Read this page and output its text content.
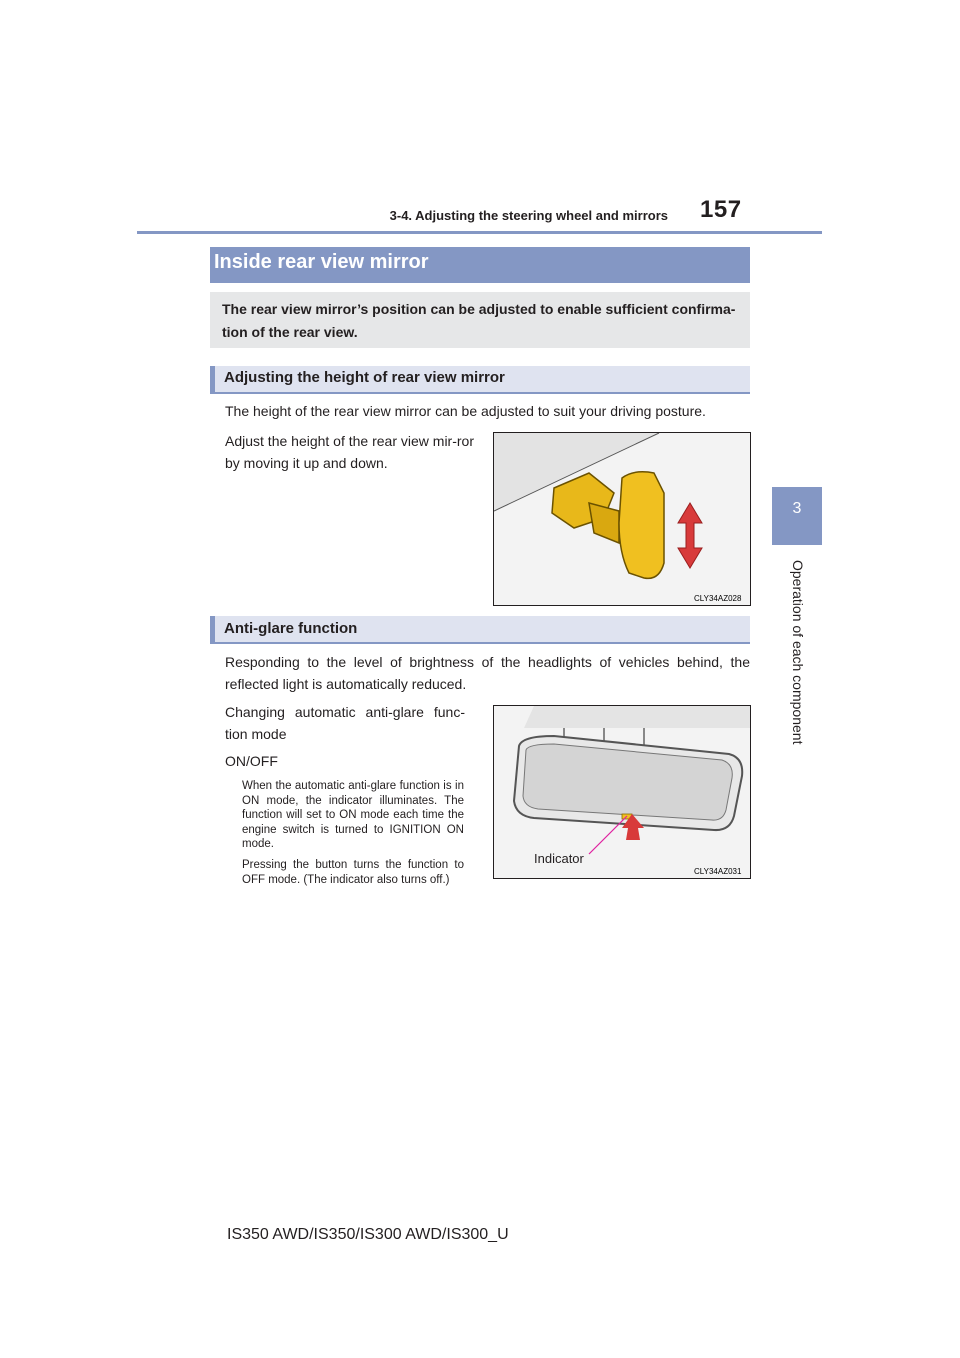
3-4. Adjusting the steering wheel and mirrors 157
3
Operation of each component
Inside rear view mirror
The rear view mirror’s position can be adjusted to enable sufficient confirma-tion of the rear view.
Adjusting the height of rear view mirror
The height of the rear view mirror can be adjusted to suit your driving posture.
Adjust the height of the rear view mir-ror by moving it up and down.
CLY34AZ028
Anti-glare function
Responding to the level of brightness of the headlights of vehicles behind, the reflected light is automatically reduced.
Changing automatic anti-glare func-tion mode
ON/OFF
When the automatic anti-glare function is in ON mode, the indicator illuminates. The function will set to ON mode each time the engine switch is turned to IGNITION ON mode.
Pressing the button turns the function to OFF mode. (The indicator also turns off.)
Indicator
CLY34AZ031
IS350 AWD/IS350/IS300 AWD/IS300_U
